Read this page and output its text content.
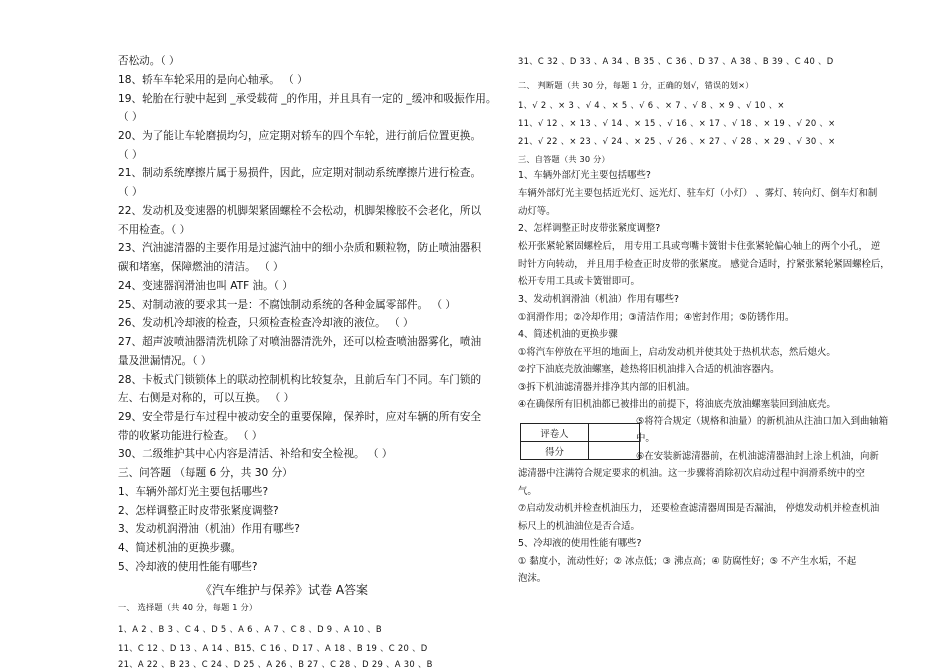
否松动。（ ）
18、轿车车轮采用的是向心轴承。 （ ）
19、轮胎在行驶中起到 _承受载荷 _的作用，并且具有一定的 _缓冲和吸振作用。
（ ）
20、为了能让车轮磨损均匀，应定期对轿车的四个车轮，进行前后位置更换。
（ ）
21、制动系统摩擦片属于易损件，因此，应定期对制动系统摩擦片进行检查。
（ ）
22、发动机及变速器的机脚架紧固螺栓不会松动，机脚架橡胶不会老化，所以
不用检查。（ ）
23、汽油滤清器的主要作用是过滤汽油中的细小杂质和颗粒物，防止喷油器积
碳和堵塞，保障燃油的清洁。 （ ）
24、变速器润滑油也叫 ATF 油。（ ）
25、对制动液的要求其一是：不腐蚀制动系统的各种金属零部件。 （ ）
26、发动机冷却液的检查，只须检查检查冷却液的液位。 （ ）
27、超声波喷油器清洗机除了对喷油器清洗外，还可以检查喷油器雾化，喷油
量及泄漏情况。（ ）
28、卡板式门锁锁体上的联动控制机构比较复杂，且前后车门不同。车门锁的
左、右侧是对称的，可以互换。 （ ）
29、安全带是行车过程中被动安全的重要保障，保养时，应对车辆的所有安全
带的收紧功能进行检查。 （ ）
30、二级维护其中心内容是清活、补给和安全检视。 （ ）
三、问答题 （每题 6 分，共 30 分）
1、车辆外部灯光主要包括哪些?
2、怎样调整正时皮带张紧度调整?
3、发动机润滑油（机油）作用有哪些?
4、简述机油的更换步骤。
5、冷却液的使用性能有哪些?
《汽车维护与保养》试卷 A答案
一、 选择题（共 40 分，每题 1 分）
1、A 2 、B 3 、C 4 、D 5 、A 6 、A 7 、C 8 、D 9 、A 10 、B
11、C 12 、D 13 、A 14 、B15、C 16 、D 17 、A 18 、B 19 、C 20 、D
21、A 22 、B 23 、C 24 、D 25 、A 26 、B 27 、C 28 、D 29 、A 30 、B
31、C 32 、D 33 、A 34 、B 35 、C 36 、D 37 、A 38 、B 39 、C 40 、D
二、 判断题（共 30 分，每题 1 分，正确的划√，错误的划×）
1、√ 2 、× 3 、√ 4 、× 5 、√ 6 、× 7 、√ 8 、× 9 、√ 10 、×
11、√ 12 、× 13 、√ 14 、× 15 、√ 16 、× 17 、√ 18 、× 19 、√ 20 、×
21、√ 22 、× 23 、√ 24 、× 25 、√ 26 、× 27 、√ 28 、× 29 、√ 30 、×
三、自答题（共 30 分）
1、车辆外部灯光主要包括哪些?
车辆外部灯光主要包括近光灯、远光灯、驻车灯（小灯） 、雾灯、转向灯、倒车灯和制
动灯等。
2、怎样调整正时皮带张紧度调整?
松开张紧轮紧固螺栓后， 用专用工具或弯嘴卡簧钳卡住张紧轮偏心轴上的两个小孔， 逆
时针方向转动， 并且用手检查正时皮带的张紧度。 感觉合适时，拧紧张紧轮紧固螺栓后，
松开专用工具或卡簧钳即可。
3、发动机润滑油（机油）作用有哪些?
①润滑作用；②冷却作用；③清洁作用；④密封作用；⑤防锈作用。
4、简述机油的更换步骤
①将汽车停放在平坦的地面上，启动发动机并使其处于热机状态，然后熄火。
②拧下油底壳放油螺塞，趁热将旧机油排入合适的机油容器内。
③拆下机油滤清器并排净其内部的旧机油。
④在确保所有旧机油都已被排出的前提下，将油底壳放油螺塞装回到油底壳。
评卷人	
得分	
⑤将符合规定（规格和油量）的新机油从注油口加入到曲轴箱
中。
⑥在安装新滤清器前，在机油滤清器油封上涂上机油，向新
滤清器中注满符合规定要求的机油。这一步骤将消除初次启动过程中润滑系统中的空
气。
⑦启动发动机并检查机油压力， 还要检查滤清器周围是否漏油， 停熄发动机并检查机油
标尺上的机油油位是否合适。
5、冷却液的使用性能有哪些?
① 黏度小，流动性好；② 冰点低；③ 沸点高；④ 防腐性好；⑤ 不产生水垢，不起
泡沫。
